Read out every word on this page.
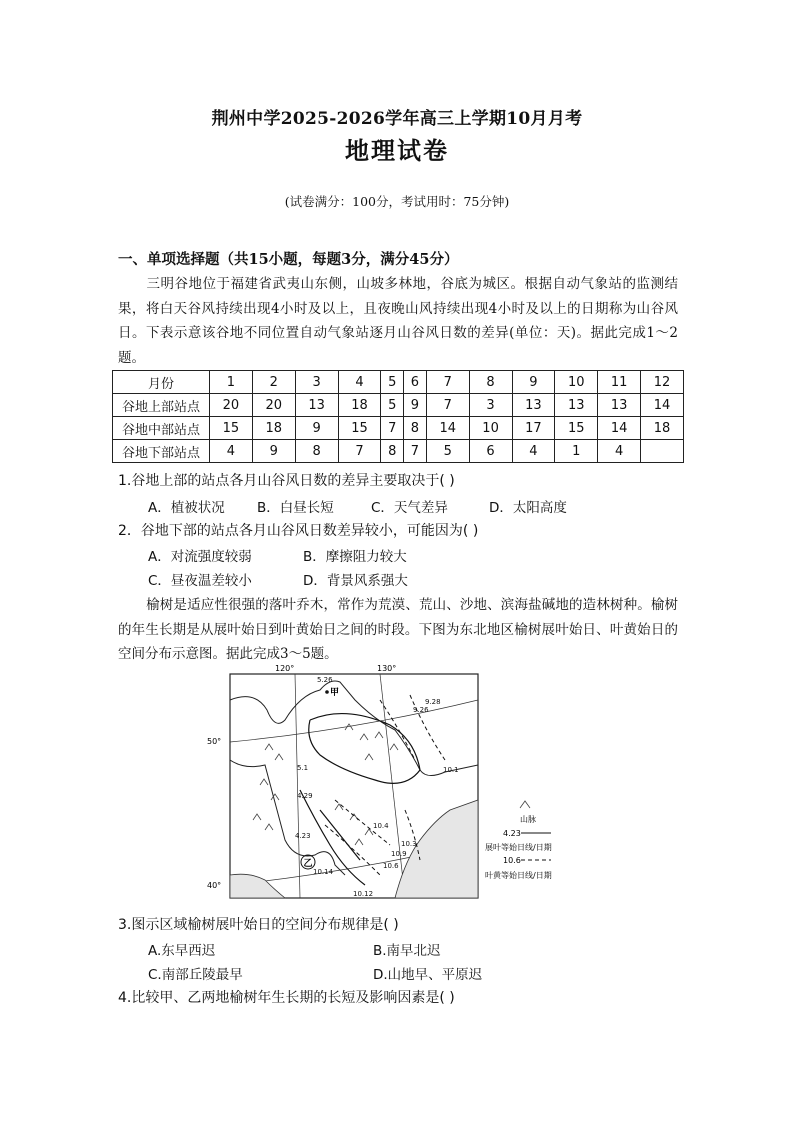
荆州中学2025-2026学年高三上学期10月月考
地理试卷
(试卷满分：100分，考试用时：75分钟)
一、单项选择题（共15小题，每题3分，满分45分）
三明谷地位于福建省武夷山东侧，山坡多林地，谷底为城区。根据自动气象站的监测结果，将白天谷风持续出现4小时及以上，且夜晚山风持续出现4小时及以上的日期称为山谷风日。下表示意该谷地不同位置自动气象站逐月山谷风日数的差异(单位：天)。据此完成1～2题。
月份	1	2	3	4	5	6	7	8	9	10	11	12
谷地上部站点	20	20	13	18	5	9	7	3	13	13	13	14
谷地中部站点	15	18	9	15	7	8	14	10	17	15	14	18
谷地下部站点	4	9	8	7	8	7	5	6	4	1	4	
1.谷地上部的站点各月山谷风日数的差异主要取决于( )
A．植被状况 B．白昼长短	C．天气差异	D．太阳高度
2．谷地下部的站点各月山谷风日数差异较小，可能因为( )
A．对流强度较弱	B．摩擦阻力较大
C．昼夜温差较小	D．背景风系强大
榆树是适应性很强的落叶乔木，常作为荒漠、荒山、沙地、滨海盐碱地的造林树种。榆树的年生长期是从展叶始日到叶黄始日之间的时段。下图为东北地区榆树展叶始日、叶黄始日的空间分布示意图。据此完成3～5题。
120°	130°
50°
40°
甲
乙
5.26
9.26
9.28
10.1
5.1
4.29
10.4
4.23
10.14
10.12
10.6
10.9
10.3
山脉
4.23
展叶等始日线/日期
10.6
叶黄等始日线/日期
3.图示区域榆树展叶始日的空间分布规律是( )
A.东早西迟	B.南早北迟
C.南部丘陵最早	D.山地早、平原迟
4.比较甲、乙两地榆树年生长期的长短及影响因素是( )
